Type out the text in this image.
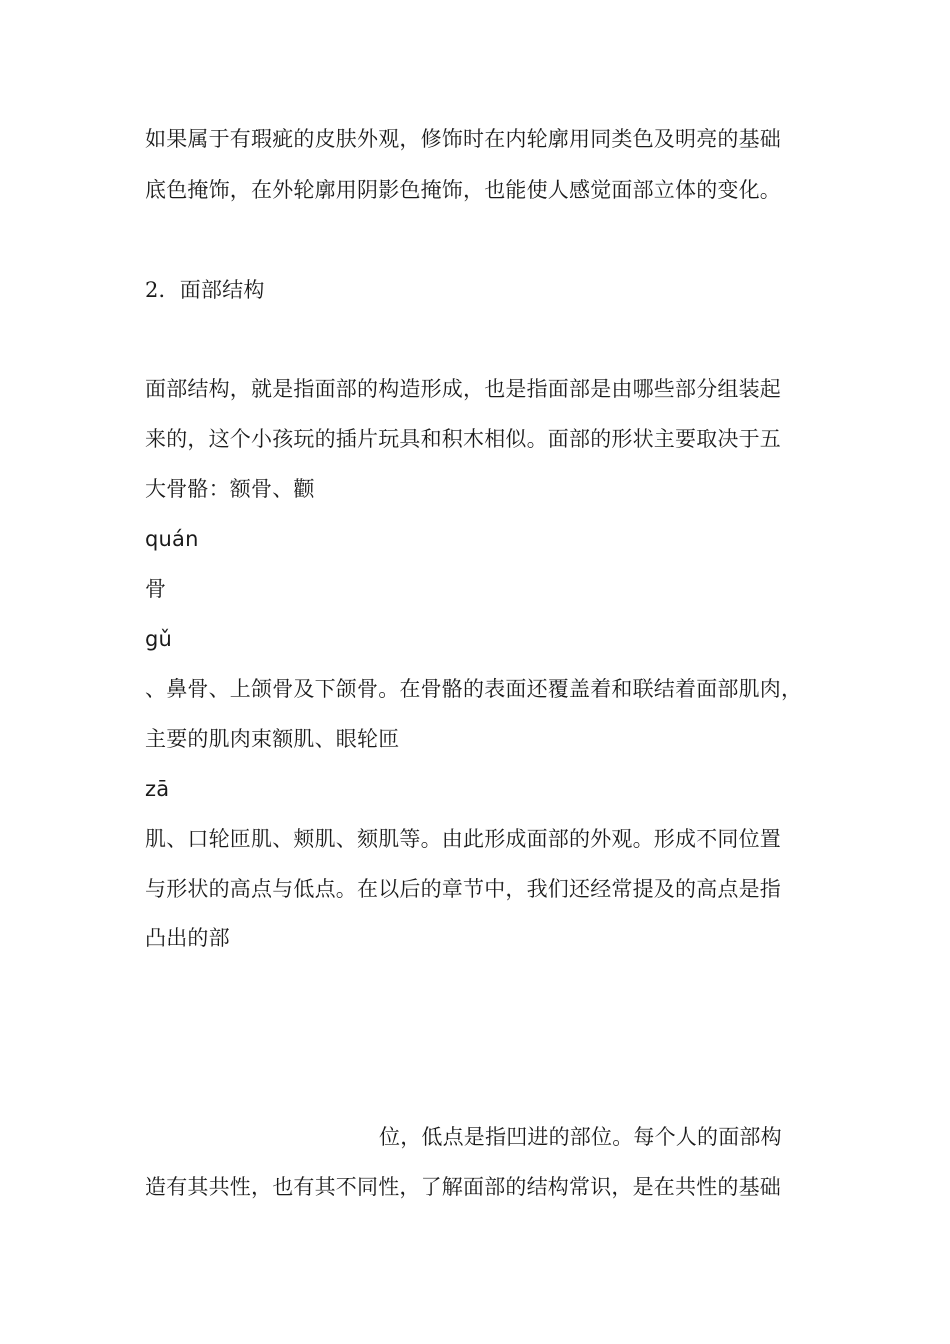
如果属于有瑕疵的皮肤外观，修饰时在内轮廓用同类色及明亮的基础
底色掩饰，在外轮廓用阴影色掩饰，也能使人感觉面部立体的变化。
2．面部结构
面部结构，就是指面部的构造形成，也是指面部是由哪些部分组装起
来的，这个小孩玩的插片玩具和积木相似。面部的形状主要取决于五
大骨骼：额骨、颧
quán
骨
gǔ
、鼻骨、上颌骨及下颌骨。在骨骼的表面还覆盖着和联结着面部肌肉，
主要的肌肉束额肌、眼轮匝
zā
肌、口轮匝肌、颊肌、颏肌等。由此形成面部的外观。形成不同位置
与形状的高点与低点。在以后的章节中，我们还经常提及的高点是指
凸出的部
位，低点是指凹进的部位。每个人的面部构
造有其共性，也有其不同性，了解面部的结构常识，是在共性的基础
